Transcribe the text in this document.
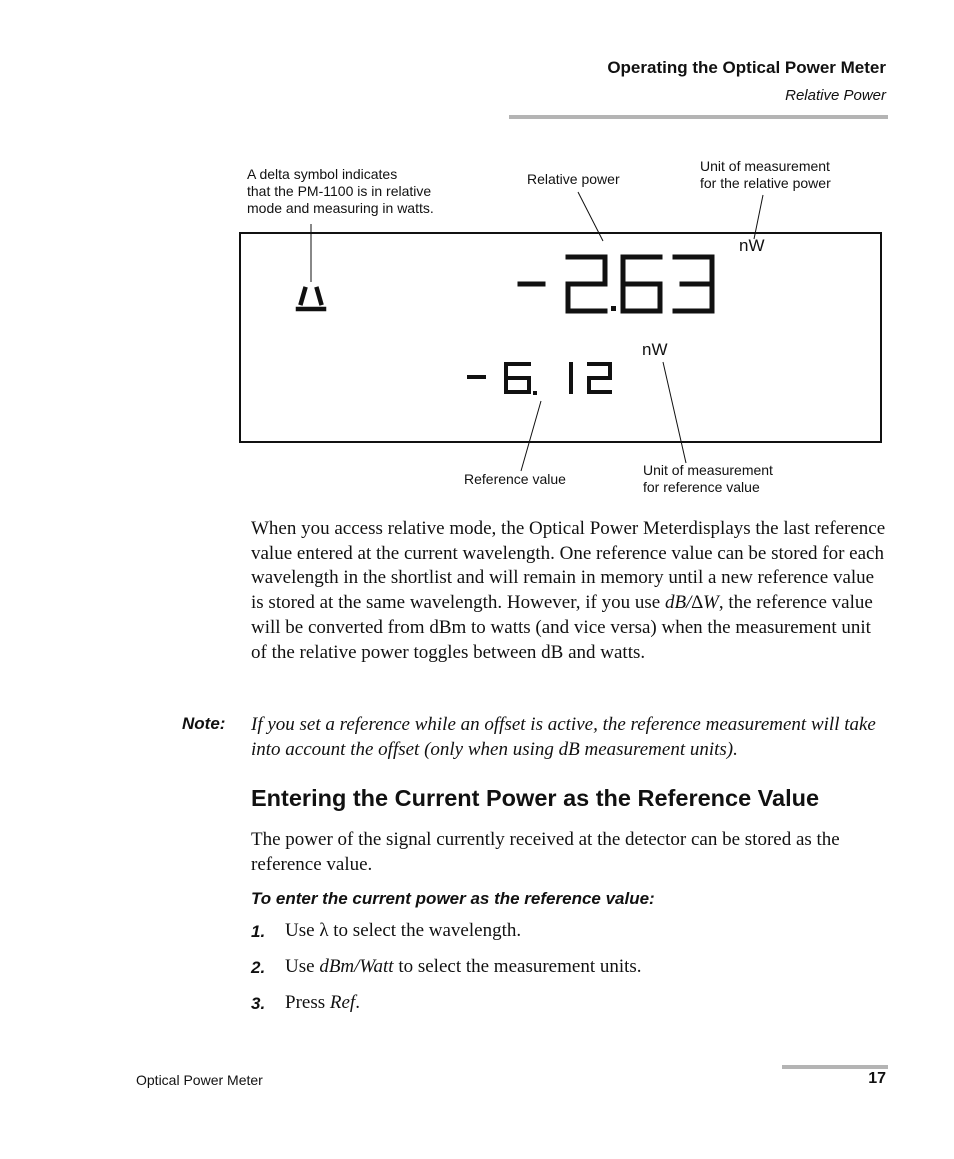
Operating the Optical Power Meter
Relative Power
A delta symbol indicates
that the PM-1100 is in relative
mode and measuring in watts.
Relative power
Unit of measurement
for the relative power
Reference value
Unit of measurement
for reference value
nW
nW

When you access relative mode, the Optical Power Meterdisplays the last reference value entered at the current wavelength. One reference value can be stored for each wavelength in the shortlist and will remain in memory until a new reference value is stored at the same wavelength. However, if you use dB/∆W, the reference value will be converted from dBm to watts (and vice versa) when the measurement unit of the relative power toggles between dB and watts.

Note: If you set a reference while an offset is active, the reference measurement will take into account the offset (only when using dB measurement units).

Entering the Current Power as the Reference Value

The power of the signal currently received at the detector can be stored as the reference value.

To enter the current power as the reference value:
1. Use λ to select the wavelength.
2. Use dBm/Watt to select the measurement units.
3. Press Ref.
Optical Power Meter	17
